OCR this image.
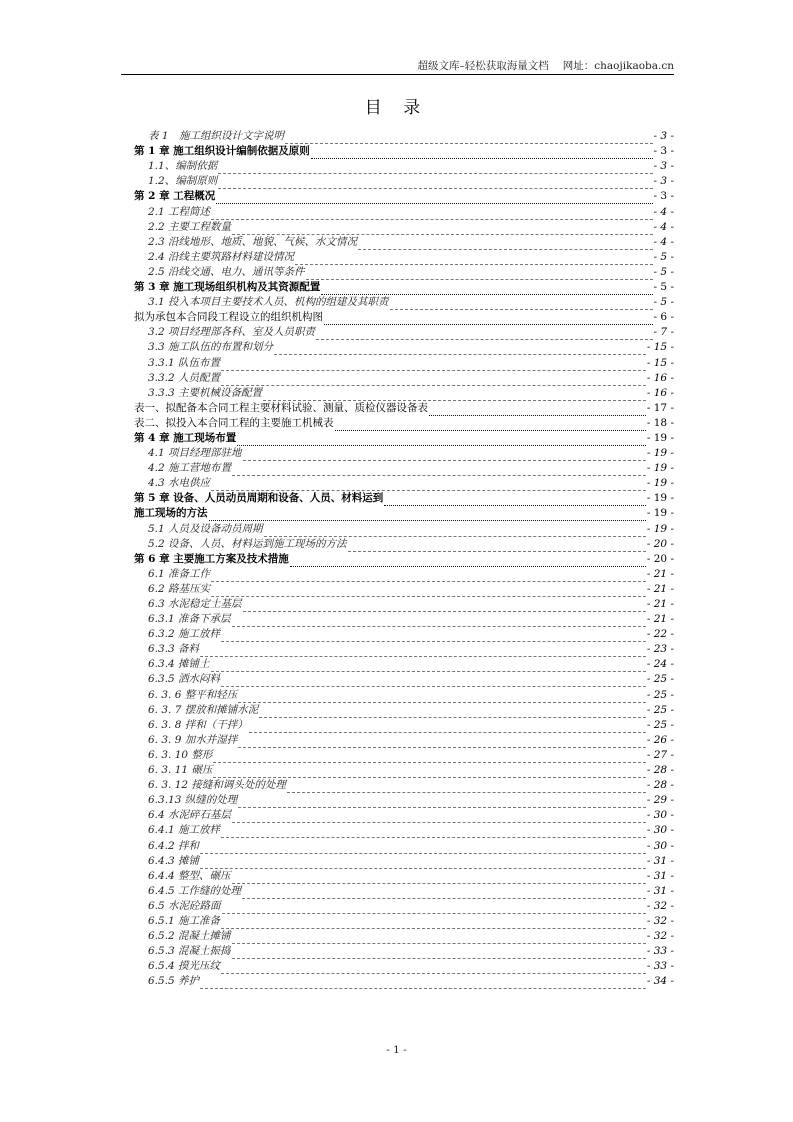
超级文库–轻松获取海量文档 网址：chaojikaoba.cn
目 录
表 1　施工组织设计文字说明	- 3 -
第 1 章 施工组织设计编制依据及原则	- 3 -
1.1、编制依据	- 3 -
1.2、编制原则	- 3 -
第 2 章 工程概况	- 3 -
2.1 工程简述	- 4 -
2.2 主要工程数量	- 4 -
2.3 沿线地形、地质、地貌、气候、水文情况	- 4 -
2.4 沿线主要筑路材料建设情况	- 5 -
2.5 沿线交通、电力、通讯等条件	- 5 -
第 3 章 施工现场组织机构及其资源配置	- 5 -
3.1 投入本项目主要技术人员、机构的组建及其职责	- 5 -
拟为承包本合同段工程设立的组织机构图	- 6 -
3.2 项目经理部各科、室及人员职责	- 7 -
3.3 施工队伍的布置和划分	- 15 -
3.3.1 队伍布置	- 15 -
3.3.2 人员配置	- 16 -
3.3.3 主要机械设备配置	- 16 -
表一、拟配备本合同工程主要材料试验、测量、质检仪器设备表	- 17 -
表二、拟投入本合同工程的主要施工机械表	- 18 -
第 4 章 施工现场布置	- 19 -
4.1 项目经理部驻地	- 19 -
4.2 施工营地布置	- 19 -
4.3 水电供应	- 19 -
第 5 章 设备、人员动员周期和设备、人员、材料运到	- 19 -
施工现场的方法	- 19 -
5.1 人员及设备动员周期	- 19 -
5.2 设备、人员、材料运到施工现场的方法	- 20 -
第 6 章 主要施工方案及技术措施	- 20 -
6.1 准备工作	- 21 -
6.2 路基压实	- 21 -
6.3 水泥稳定土基层	- 21 -
6.3.1 准备下承层	- 21 -
6.3.2 施工放样	- 22 -
6.3.3 备料	- 23 -
6.3.4 摊铺土	- 24 -
6.3.5 洒水闷料	- 25 -
6. 3. 6 整平和轻压	- 25 -
6. 3. 7 摆放和摊铺水泥	- 25 -
6. 3. 8 拌和（干拌）	- 25 -
6. 3. 9 加水并湿拌	- 26 -
6. 3. 10 整形	- 27 -
6. 3. 11 碾压	- 28 -
6. 3. 12 接缝和调头处的处理	- 28 -
6.3.13 纵缝的处理	- 29 -
6.4 水泥碎石基层	- 30 -
6.4.1 施工放样	- 30 -
6.4.2 拌和	- 30 -
6.4.3 摊铺	- 31 -
6.4.4 整型、碾压	- 31 -
6.4.5 工作缝的处理	- 31 -
6.5 水泥砼路面	- 32 -
6.5.1 施工准备	- 32 -
6.5.2 混凝土摊铺	- 32 -
6.5.3 混凝土振捣	- 33 -
6.5.4 摸光压纹	- 33 -
6.5.5 养护	- 34 -
- 1 -
